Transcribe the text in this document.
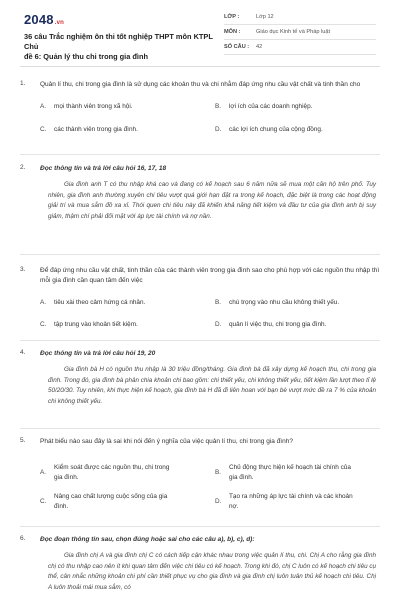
2048.vn
36 câu Trắc nghiệm ôn thi tốt nghiệp THPT môn KTPL Chủ
đề 6: Quản lý thu chi trong gia đình
LỚP :	Lớp 12
MÔN :	Giáo dục Kinh tế và Pháp luật
SỐ CÂU :	42
1. Quản lí thu, chi trong gia đình là sử dụng các khoản thu và chi nhằm đáp ứng nhu cầu vật chất và tinh thần cho
A. mọi thành viên trong xã hội.	B. lợi ích của các doanh nghiệp.
C. các thành viên trong gia đình.	D. các lợi ích chung của cộng đồng.
2. Đọc thông tin và trả lời câu hỏi 16, 17, 18
Gia đình anh T có thu nhập khá cao và đang có kế hoạch sau 6 năm nữa sẽ mua một căn hộ trên phố. Tuy nhiên, gia đình anh thường xuyên chi tiêu vượt quá giới hạn đặt ra trong kế hoạch, đặc biệt là trong các hoạt động giải trí và mua sắm đồ xa xỉ. Thói quen chi tiêu này đã khiến khả năng tiết kiệm và đầu tư của gia đình anh bị suy giảm, thậm chí phải đối mặt với áp lực tài chính và nợ nần.
3. Để đáp ứng nhu cầu vật chất, tinh thần của các thành viên trong gia đình sao cho phù hợp với các nguồn thu nhập thì mỗi gia đình cần quan tâm đến việc
A. tiêu xài theo cảm hứng cá nhân.	B. chú trọng vào nhu cầu không thiết yếu.
C. tập trung vào khoản tiết kiệm.	D. quản lí việc thu, chi trong gia đình.
4. Đọc thông tin và trả lời câu hỏi 19, 20
Gia đình bà H có nguồn thu nhập là 30 triệu đồng/tháng. Gia đình bà đã xây dựng kế hoạch thu, chi trong gia đình. Trong đó, gia đình bà phân chia khoản chi bao gồm: chi thiết yếu, chi không thiết yếu, tiết kiệm lần lượt theo tỉ lệ 50/20/30. Tuy nhiên, khi thực hiện kế hoạch, gia đình bà H đã đi liên hoan với bạn bè vượt mức đề ra 7 % của khoản chi không thiết yếu.
5. Phát biểu nào sau đây là sai khi nói đến ý nghĩa của việc quản lí thu, chi trong gia đình?
A.
Kiểm soát được các nguồn thu, chi trong
gia đình.
B.
Chủ động thực hiện kế hoạch tài chính của
gia đình.
C.
Nâng cao chất lượng cuộc sống của gia
đình.
D.
Tạo ra những áp lực tài chính và các khoản
nợ.
6. Đọc đoạn thông tin sau, chọn đúng hoặc sai cho các câu a), b), c), d):
Gia đình chị A và gia đình chị C có cách tiếp cận khác nhau trong việc quản lí thu, chi. Chị A cho rằng gia đình chị có thu nhập cao nên ít khi quan tâm đến việc chi tiêu có kế hoạch. Trong khi đó, chị C luôn có kế hoạch chi tiêu cụ thể, cân nhắc những khoản chi phí cần thiết phục vụ cho gia đình và gia đình chị luôn tuân thủ kế hoạch chi tiêu. Chị A luôn thoải mái mua sắm, có
